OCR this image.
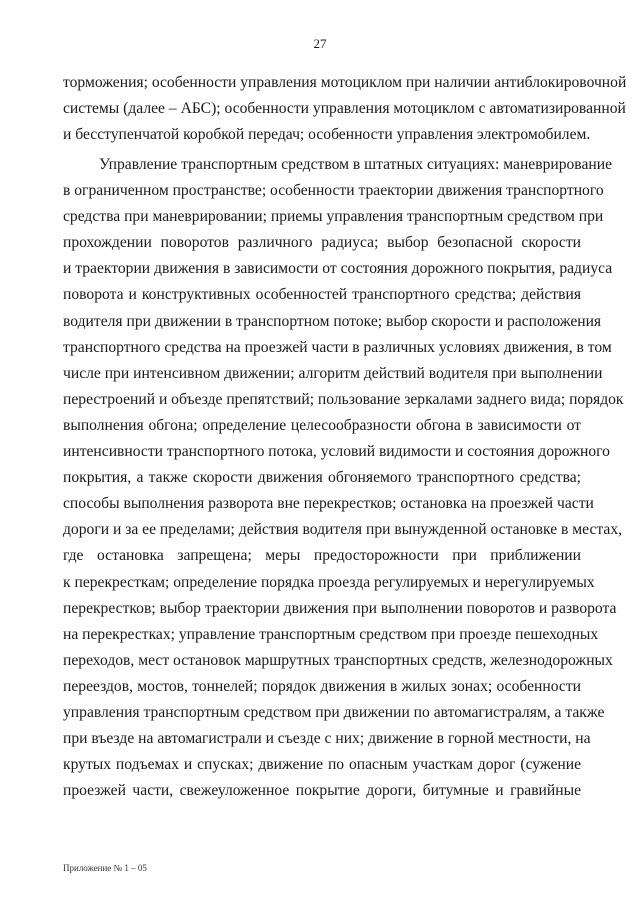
27
торможения; особенности управления мотоциклом при наличии антиблокировочной
системы (далее – АБС); особенности управления мотоциклом с автоматизированной
и бесступенчатой коробкой передач; особенности управления электромобилем.
Управление транспортным средством в штатных ситуациях: маневрирование
в ограниченном пространстве; особенности траектории движения транспортного
средства при маневрировании; приемы управления транспортным средством при
прохождении поворотов различного радиуса; выбор безопасной скорости
и траектории движения в зависимости от состояния дорожного покрытия, радиуса
поворота и конструктивных особенностей транспортного средства; действия
водителя при движении в транспортном потоке; выбор скорости и расположения
транспортного средства на проезжей части в различных условиях движения, в том
числе при интенсивном движении; алгоритм действий водителя при выполнении
перестроений и объезде препятствий; пользование зеркалами заднего вида; порядок
выполнения обгона; определение целесообразности обгона в зависимости от
интенсивности транспортного потока, условий видимости и состояния дорожного
покрытия, а также скорости движения обгоняемого транспортного средства;
способы выполнения разворота вне перекрестков; остановка на проезжей части
дороги и за ее пределами; действия водителя при вынужденной остановке в местах,
где остановка запрещена; меры предосторожности при приближении
к перекресткам; определение порядка проезда регулируемых и нерегулируемых
перекрестков; выбор траектории движения при выполнении поворотов и разворота
на перекрестках; управление транспортным средством при проезде пешеходных
переходов, мест остановок маршрутных транспортных средств, железнодорожных
переездов, мостов, тоннелей; порядок движения в жилых зонах; особенности
управления транспортным средством при движении по автомагистралям, а также
при въезде на автомагистрали и съезде с них; движение в горной местности, на
крутых подъемах и спусках; движение по опасным участкам дорог (сужение
проезжей части, свежеуложенное покрытие дороги, битумные и гравийные
Приложение № 1 – 05
